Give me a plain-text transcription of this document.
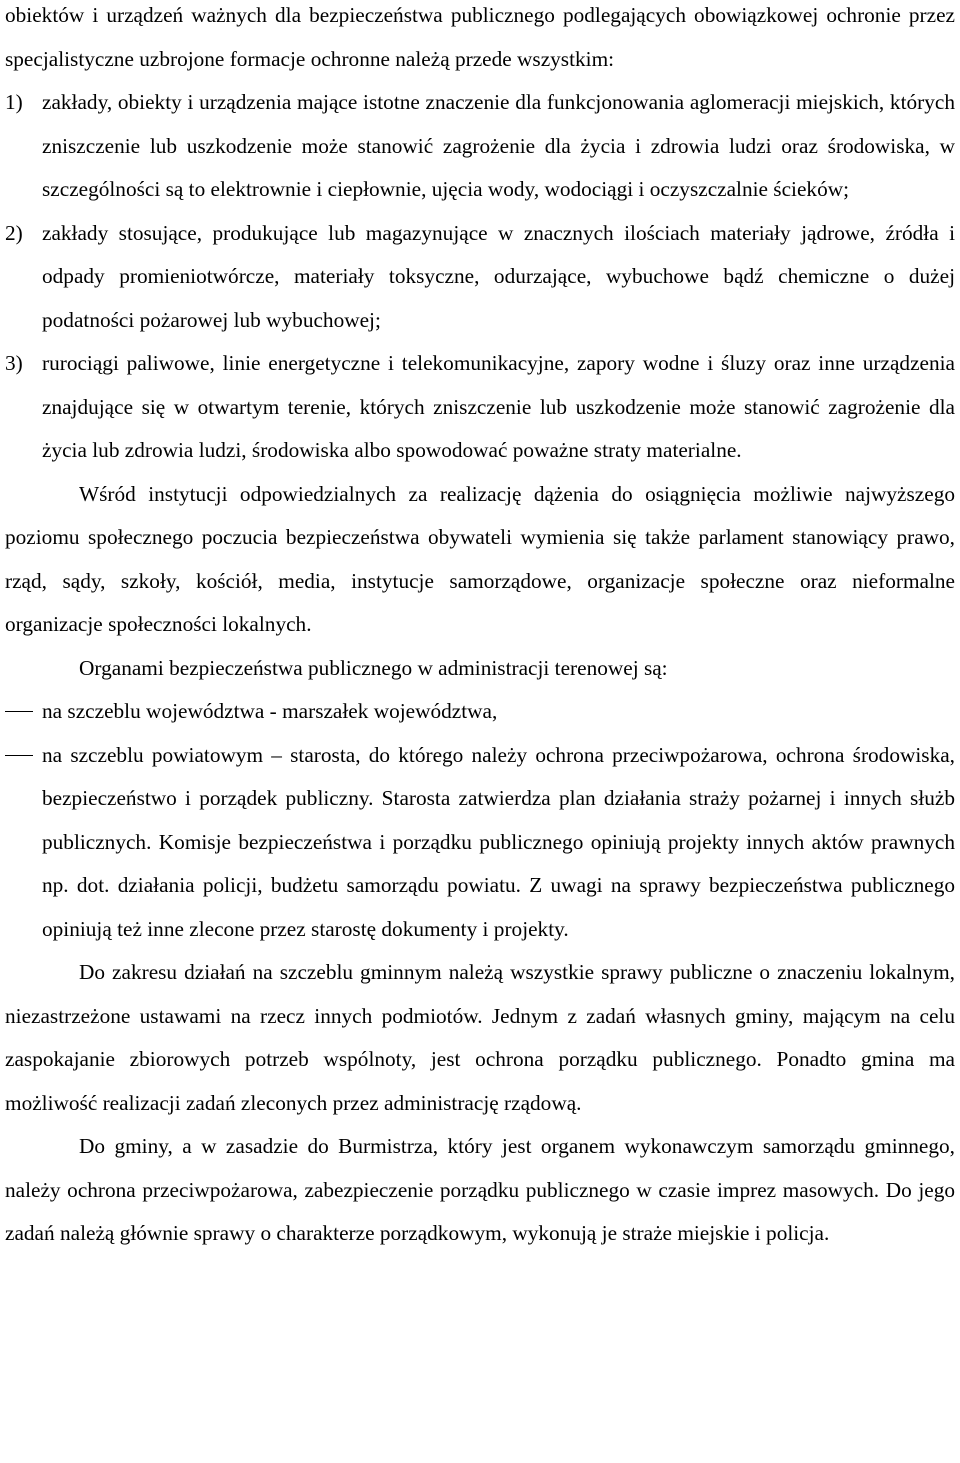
obiektów i urządzeń ważnych dla bezpieczeństwa publicznego podlegających obowiązkowej ochronie przez specjalistyczne uzbrojone formacje ochronne należą przede wszystkim:

1) zakłady, obiekty i urządzenia mające istotne znaczenie dla funkcjonowania aglomeracji miejskich, których zniszczenie lub uszkodzenie może stanowić zagrożenie dla życia i zdrowia ludzi oraz środowiska, w szczególności są to elektrownie i ciepłownie, ujęcia wody, wodociągi i oczyszczalnie ścieków;
2) zakłady stosujące, produkujące lub magazynujące w znacznych ilościach materiały jądrowe, źródła i odpady promieniotwórcze, materiały toksyczne, odurzające, wybuchowe bądź chemiczne o dużej podatności pożarowej lub wybuchowej;
3) rurociągi paliwowe, linie energetyczne i telekomunikacyjne, zapory wodne i śluzy oraz inne urządzenia znajdujące się w otwartym terenie, których zniszczenie lub uszkodzenie może stanowić zagrożenie dla życia lub zdrowia ludzi, środowiska albo spowodować poważne straty materialne.

Wśród instytucji odpowiedzialnych za realizację dążenia do osiągnięcia możliwie najwyższego poziomu społecznego poczucia bezpieczeństwa obywateli wymienia się także parlament stanowiący prawo, rząd, sądy, szkoły, kościół, media, instytucje samorządowe, organizacje społeczne oraz nieformalne organizacje społeczności lokalnych.

Organami bezpieczeństwa publicznego w administracji terenowej są:

na szczeblu województwa - marszałek województwa,
na szczeblu powiatowym – starosta, do którego należy ochrona przeciwpożarowa, ochrona środowiska, bezpieczeństwo i porządek publiczny. Starosta zatwierdza plan działania straży pożarnej i innych służb publicznych. Komisje bezpieczeństwa i porządku publicznego opiniują projekty innych aktów prawnych np. dot. działania policji, budżetu samorządu powiatu. Z uwagi na sprawy bezpieczeństwa publicznego opiniują też inne zlecone przez starostę dokumenty i projekty.

Do zakresu działań na szczeblu gminnym należą wszystkie sprawy publiczne o znaczeniu lokalnym, niezastrzeżone ustawami na rzecz innych podmiotów. Jednym z zadań własnych gminy, mającym na celu zaspokajanie zbiorowych potrzeb wspólnoty, jest ochrona porządku publicznego. Ponadto gmina ma możliwość realizacji zadań zleconych przez administrację rządową.

Do gminy, a w zasadzie do Burmistrza, który jest organem wykonawczym samorządu gminnego, należy ochrona przeciwpożarowa, zabezpieczenie porządku publicznego w czasie imprez masowych. Do jego zadań należą głównie sprawy o charakterze porządkowym, wykonują je straże miejskie i policja.
